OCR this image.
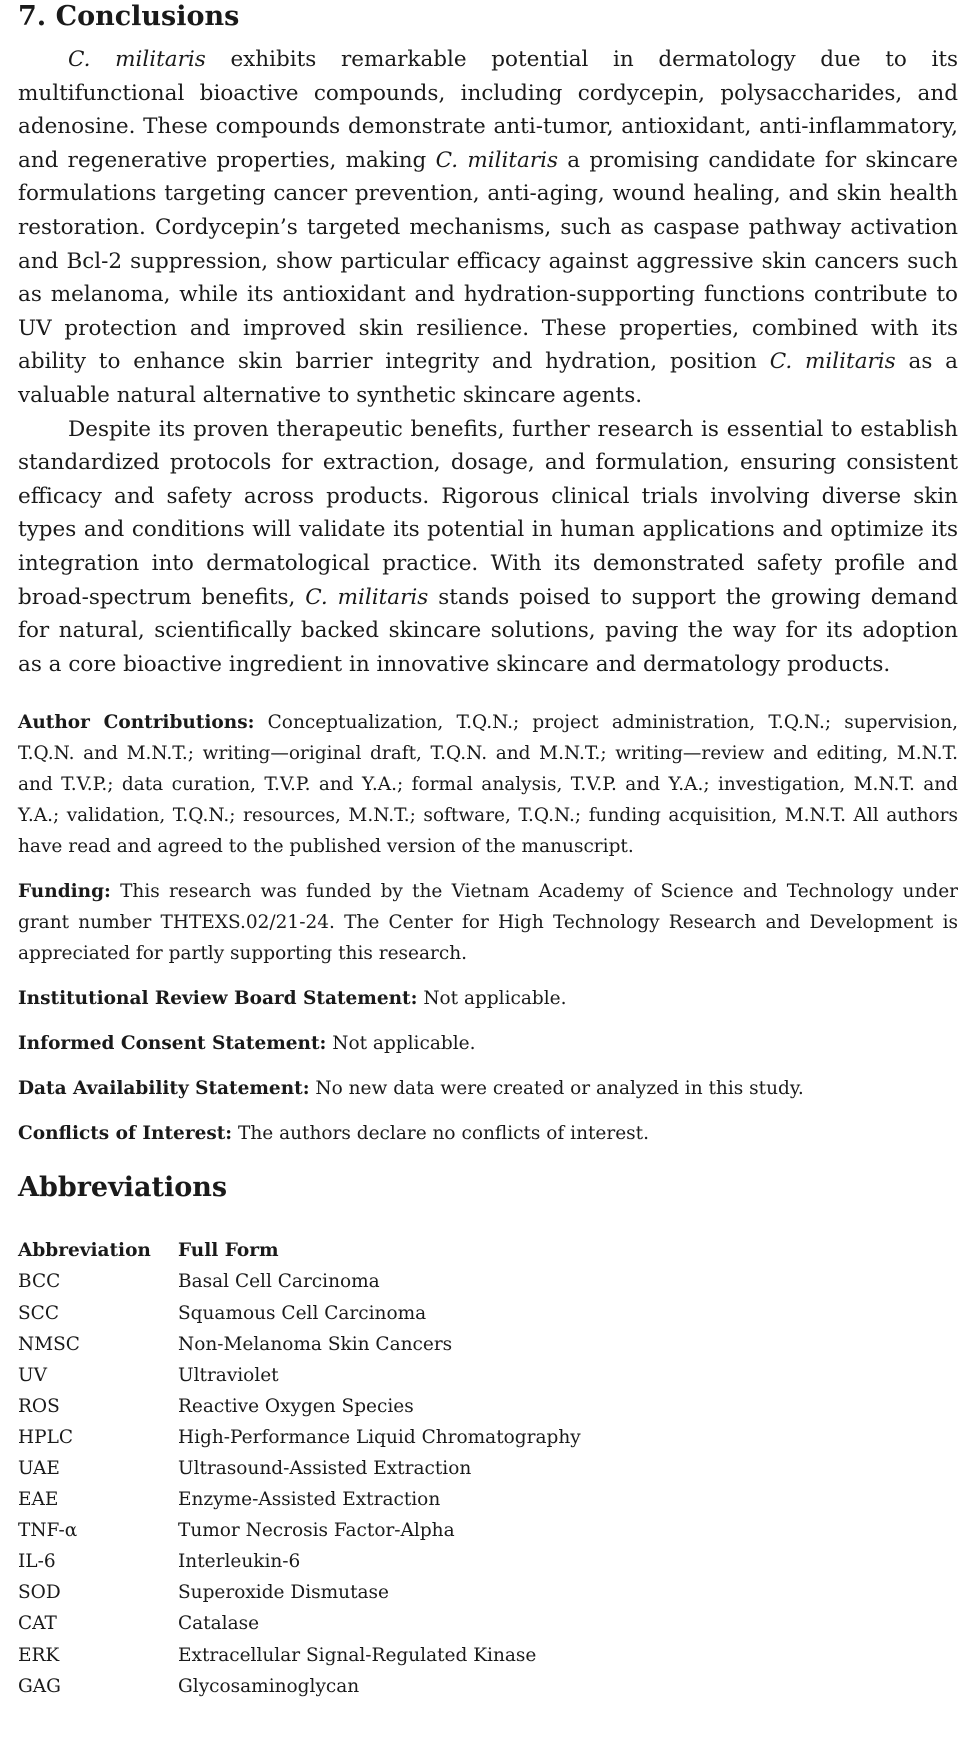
7. Conclusions

C. militaris exhibits remarkable potential in dermatology due to its multifunctional bioactive compounds, including cordycepin, polysaccharides, and adenosine. These compounds demonstrate anti-tumor, antioxidant, anti-inflammatory, and regenerative properties, making C. militaris a promising candidate for skincare formulations targeting cancer prevention, anti-aging, wound healing, and skin health restoration. Cordycepin’s targeted mechanisms, such as caspase pathway activation and Bcl-2 suppression, show particular efficacy against aggressive skin cancers such as melanoma, while its antioxidant and hydration-supporting functions contribute to UV protection and improved skin resilience. These properties, combined with its ability to enhance skin barrier integrity and hydration, position C. militaris as a valuable natural alternative to synthetic skincare agents.

Despite its proven therapeutic benefits, further research is essential to establish standardized protocols for extraction, dosage, and formulation, ensuring consistent efficacy and safety across products. Rigorous clinical trials involving diverse skin types and conditions will validate its potential in human applications and optimize its integration into dermatological practice. With its demonstrated safety profile and broad-spectrum benefits, C. militaris stands poised to support the growing demand for natural, scientifically backed skincare solutions, paving the way for its adoption as a core bioactive ingredient in innovative skincare and dermatology products.

Author Contributions: Conceptualization, T.Q.N.; project administration, T.Q.N.; supervision, T.Q.N. and M.N.T.; writing—original draft, T.Q.N. and M.N.T.; writing—review and editing, M.N.T. and T.V.P.; data curation, T.V.P. and Y.A.; formal analysis, T.V.P. and Y.A.; investigation, M.N.T. and Y.A.; validation, T.Q.N.; resources, M.N.T.; software, T.Q.N.; funding acquisition, M.N.T. All authors have read and agreed to the published version of the manuscript.

Funding: This research was funded by the Vietnam Academy of Science and Technology under grant number THTEXS.02/21-24. The Center for High Technology Research and Development is appreciated for partly supporting this research.

Institutional Review Board Statement: Not applicable.

Informed Consent Statement: Not applicable.

Data Availability Statement: No new data were created or analyzed in this study.

Conflicts of Interest: The authors declare no conflicts of interest.

Abbreviations
Abbreviation	Full Form
BCC	Basal Cell Carcinoma
SCC	Squamous Cell Carcinoma
NMSC	Non-Melanoma Skin Cancers
UV	Ultraviolet
ROS	Reactive Oxygen Species
HPLC	High-Performance Liquid Chromatography
UAE	Ultrasound-Assisted Extraction
EAE	Enzyme-Assisted Extraction
TNF-α	Tumor Necrosis Factor-Alpha
IL-6	Interleukin-6
SOD	Superoxide Dismutase
CAT	Catalase
ERK	Extracellular Signal-Regulated Kinase
GAG	Glycosaminoglycan
